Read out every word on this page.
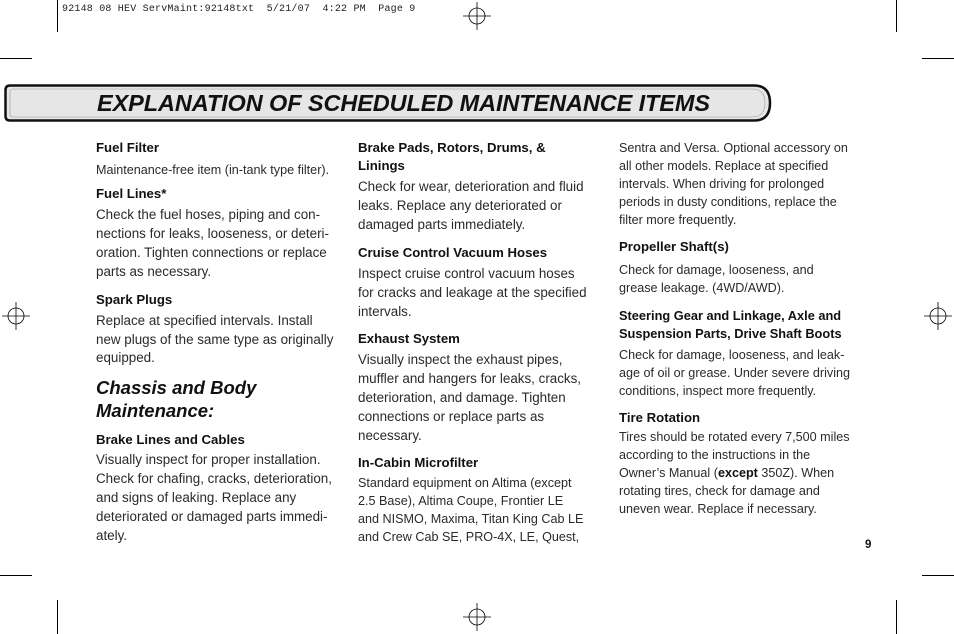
92148 08 HEV ServMaint:92148txt  5/21/07  4:22 PM  Page 9
EXPLANATION OF SCHEDULED MAINTENANCE ITEMS

Fuel Filter

Maintenance-free item (in-tank type filter).

Fuel Lines*

Check the fuel hoses, piping and con-

nections for leaks, looseness, or deteri-

oration. Tighten connections or replace

parts as necessary.

Spark Plugs

Replace at specified intervals. Install

new plugs of the same type as originally

equipped.

Chassis and Body

Maintenance:

Brake Lines and Cables

Visually inspect for proper installation.

Check for chafing, cracks, deterioration,

and signs of leaking. Replace any

deteriorated or damaged parts immedi-

ately.

Brake Pads, Rotors, Drums, &

Linings

Check for wear, deterioration and fluid

leaks. Replace any deteriorated or

damaged parts immediately.

Cruise Control Vacuum Hoses

Inspect cruise control vacuum hoses

for cracks and leakage at the specified

intervals.

Exhaust System

Visually inspect the exhaust pipes,

muffler and hangers for leaks, cracks,

deterioration, and damage. Tighten

connections or replace parts as

necessary.

In-Cabin Microfilter

Standard equipment on Altima (except

2.5 Base), Altima Coupe, Frontier LE

and NISMO, Maxima, Titan King Cab LE

and Crew Cab SE, PRO-4X, LE, Quest,

Sentra and Versa. Optional accessory on

all other models. Replace at specified

intervals. When driving for prolonged

periods in dusty conditions, replace the

filter more frequently.

Propeller Shaft(s)

Check for damage, looseness, and

grease leakage. (4WD/AWD).

Steering Gear and Linkage, Axle and

Suspension Parts, Drive Shaft Boots

Check for damage, looseness, and leak-

age of oil or grease. Under severe driving

conditions, inspect more frequently.

Tire Rotation

Tires should be rotated every 7,500 miles

according to the instructions in the

Owner’s Manual (except 350Z). When

rotating tires, check for damage and

uneven wear. Replace if necessary.

9
